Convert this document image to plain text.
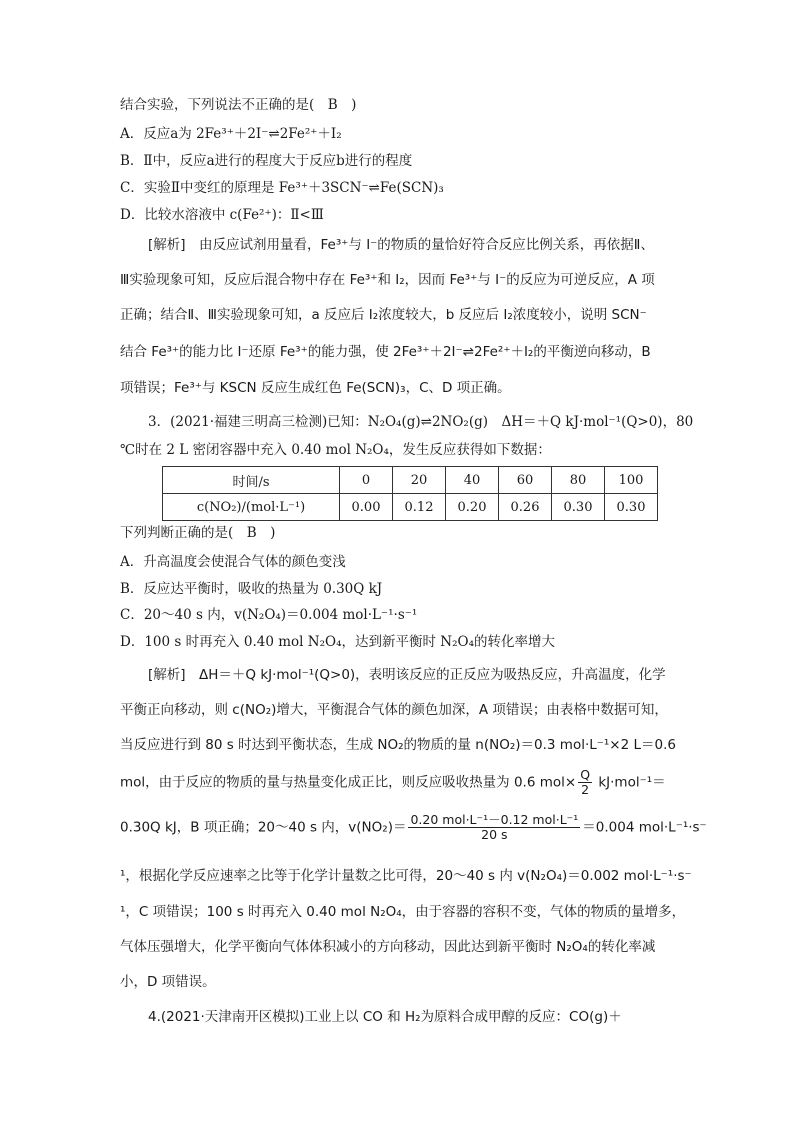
结合实验，下列说法不正确的是(　B　)
A．反应a为 2Fe³⁺＋2I⁻⇌2Fe²⁺＋I₂
B．Ⅱ中，反应a进行的程度大于反应b进行的程度
C．实验Ⅱ中变红的原理是 Fe³⁺＋3SCN⁻⇌Fe(SCN)₃
D．比较水溶液中 c(Fe²⁺)：Ⅱ<Ⅲ
[解析]　由反应试剂用量看，Fe³⁺与 I⁻的物质的量恰好符合反应比例关系，再依据Ⅱ、
Ⅲ实验现象可知，反应后混合物中存在 Fe³⁺和 I₂，因而 Fe³⁺与 I⁻的反应为可逆反应，A 项
正确；结合Ⅱ、Ⅲ实验现象可知，a 反应后 I₂浓度较大，b 反应后 I₂浓度较小，说明 SCN⁻
结合 Fe³⁺的能力比 I⁻还原 Fe³⁺的能力强，使 2Fe³⁺＋2I⁻⇌2Fe²⁺＋I₂的平衡逆向移动，B
项错误；Fe³⁺与 KSCN 反应生成红色 Fe(SCN)₃，C、D 项正确。
3．(2021·福建三明高三检测)已知：N₂O₄(g)⇌2NO₂(g)　ΔH＝＋Q kJ·mol⁻¹(Q>0)，80
℃时在 2 L 密闭容器中充入 0.40 mol N₂O₄，发生反应获得如下数据：
时间/s	0	20	40	60	80	100
c(NO₂)/(mol·L⁻¹)	0.00	0.12	0.20	0.26	0.30	0.30
下列判断正确的是(　B　)
A．升高温度会使混合气体的颜色变浅
B．反应达平衡时，吸收的热量为 0.30Q kJ
C．20～40 s 内，v(N₂O₄)＝0.004 mol·L⁻¹·s⁻¹
D．100 s 时再充入 0.40 mol N₂O₄，达到新平衡时 N₂O₄的转化率增大
[解析]　ΔH＝＋Q kJ·mol⁻¹(Q>0)，表明该反应的正反应为吸热反应，升高温度，化学
平衡正向移动，则 c(NO₂)增大，平衡混合气体的颜色加深，A 项错误；由表格中数据可知，
当反应进行到 80 s 时达到平衡状态，生成 NO₂的物质的量 n(NO₂)＝0.3 mol·L⁻¹×2 L＝0.6
mol，由于反应的物质的量与热量变化成正比，则反应吸收热量为 0.6 $mol\times \frac{Q}{2} kJ\cdot mol^{-1}=$
0.30Q kJ，B 项正确；20～40 s 内，$v(NO_2)= \frac{\text{0.20 mol·L⁻¹－0.12 mol·L⁻¹}}{20 s} =0.004$ mol·L⁻¹·s⁻
¹，根据化学反应速率之比等于化学计量数之比可得，20～40 s 内 v(N₂O₄)＝0.002 mol·L⁻¹·s⁻
¹，C 项错误；100 s 时再充入 0.40 mol N₂O₄，由于容器的容积不变，气体的物质的量增多，
气体压强增大，化学平衡向气体体积减小的方向移动，因此达到新平衡时 N₂O₄的转化率减
小，D 项错误。
4.(2021·天津南开区模拟)工业上以 CO 和 H₂为原料合成甲醇的反应：CO(g)＋
